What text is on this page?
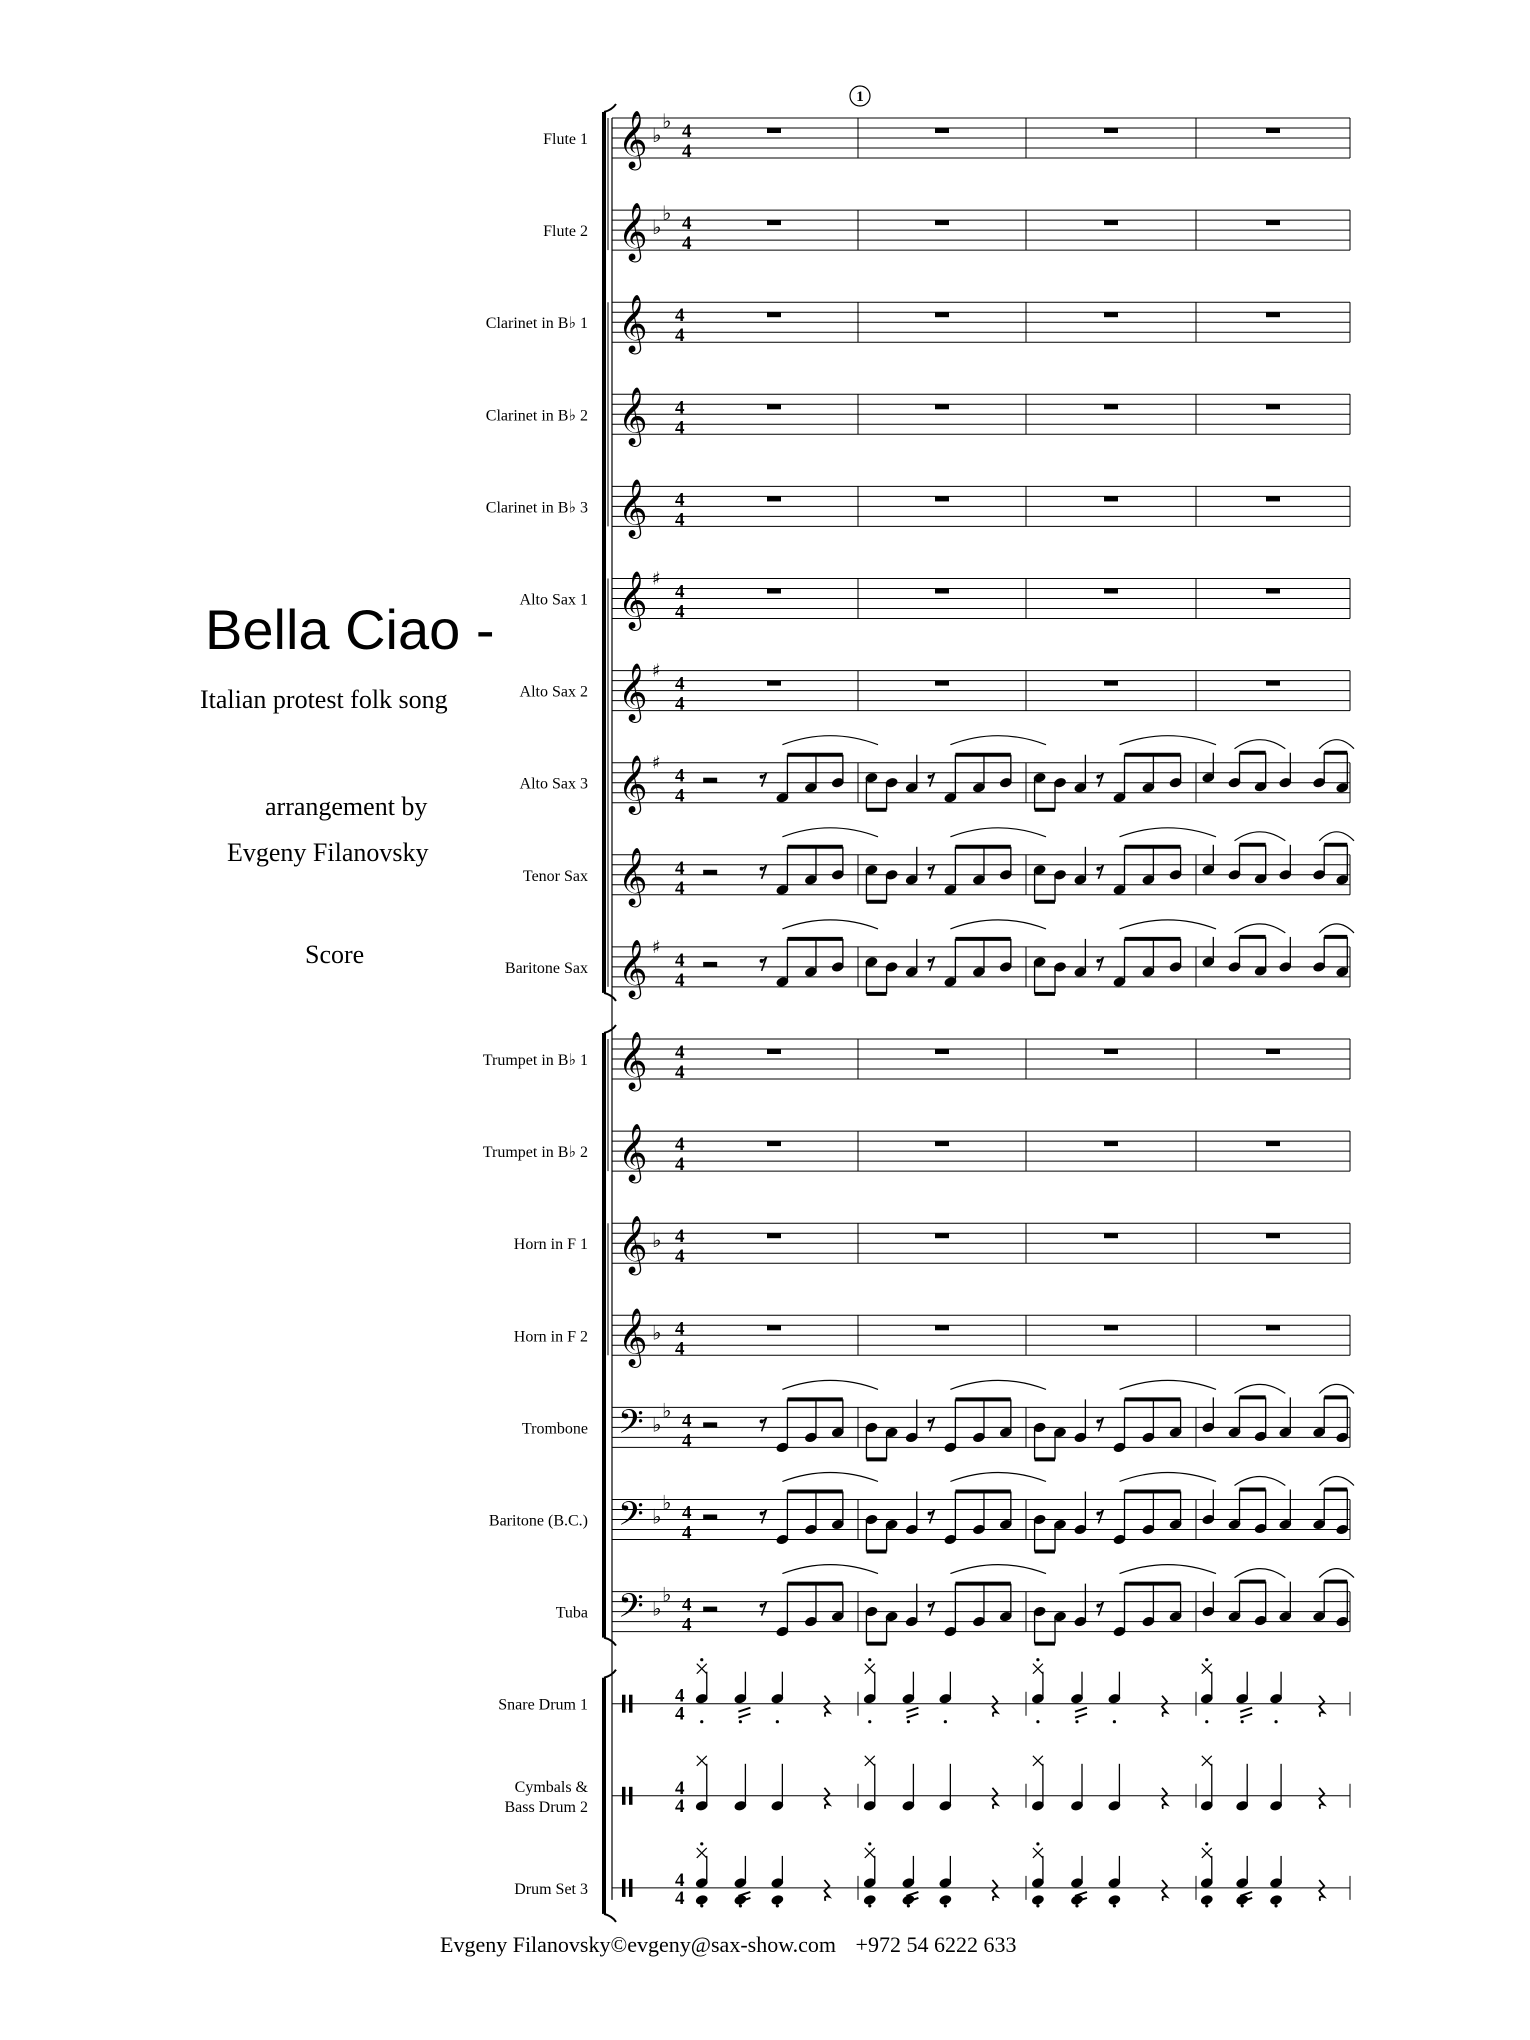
1
Flute 1 𝄞 ♭
♭ 4
4
Flute 2 𝄞 ♭
♭ 4
4
Clarinet in B♭ 1 𝄞 4
4
Clarinet in B♭ 2 𝄞 4
4
Clarinet in B♭ 3 𝄞 4
4
Alto Sax 1 𝄞 ♯
4
4
Alto Sax 2 𝄞 ♯
4
4
Alto Sax 3 𝄞 ♯
4
4
Tenor Sax 𝄞 4
4
Baritone Sax 𝄞 ♯
4
4
Trumpet in B♭ 1 𝄞 4
4
Trumpet in B♭ 2 𝄞 4
4
Horn in F 1 𝄞 ♭ 4
4
Horn in F 2 𝄞 ♭ 4
4
Trombone 𝄢 ♭
♭ 4
4
Baritone (B.C.) 𝄢 ♭
♭ 4
4
Tuba 𝄢 ♭
♭ 4
4
Snare Drum 1	4
4
Cymbals &
Bass Drum 2
4
4
Drum Set 3	4
4
Bella Ciao -
Italian protest folk song
arrangement by
Evgeny Filanovsky
Score
Evgeny Filanovsky©evgeny@sax-show.com +972 54 6222 633
